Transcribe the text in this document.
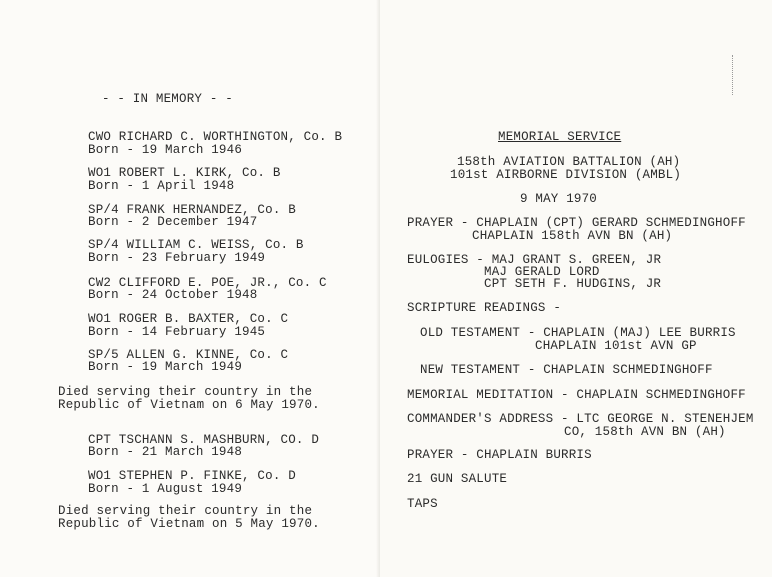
- - IN MEMORY - -
CWO RICHARD C. WORTHINGTON, Co. B
Born - 19 March 1946
WO1 ROBERT L. KIRK, Co. B
Born - 1 April 1948
SP/4 FRANK HERNANDEZ, Co. B
Born - 2 December 1947
SP/4 WILLIAM C. WEISS, Co. B
Born - 23 February 1949
CW2 CLIFFORD E. POE, JR., Co. C
Born - 24 October 1948
WO1 ROGER B. BAXTER, Co. C
Born - 14 February 1945
SP/5 ALLEN G. KINNE, Co. C
Born - 19 March 1949
Died serving their country in the
Republic of Vietnam on 6 May 1970.
CPT TSCHANN S. MASHBURN, CO. D
Born - 21 March 1948
WO1 STEPHEN P. FINKE, Co. D
Born - 1 August 1949
Died serving their country in the
Republic of Vietnam on 5 May 1970.
MEMORIAL SERVICE
158th AVIATION BATTALION (AH)
101st AIRBORNE DIVISION (AMBL)
9 MAY 1970
PRAYER - CHAPLAIN (CPT) GERARD SCHMEDINGHOFF
CHAPLAIN 158th AVN BN (AH)
EULOGIES - MAJ GRANT S. GREEN, JR
MAJ GERALD LORD
CPT SETH F. HUDGINS, JR
SCRIPTURE READINGS -
OLD TESTAMENT - CHAPLAIN (MAJ) LEE BURRIS
CHAPLAIN 101st AVN GP
NEW TESTAMENT - CHAPLAIN SCHMEDINGHOFF
MEMORIAL MEDITATION - CHAPLAIN SCHMEDINGHOFF
COMMANDER'S ADDRESS - LTC GEORGE N. STENEHJEM
CO, 158th AVN BN (AH)
PRAYER - CHAPLAIN BURRIS
21 GUN SALUTE
TAPS
